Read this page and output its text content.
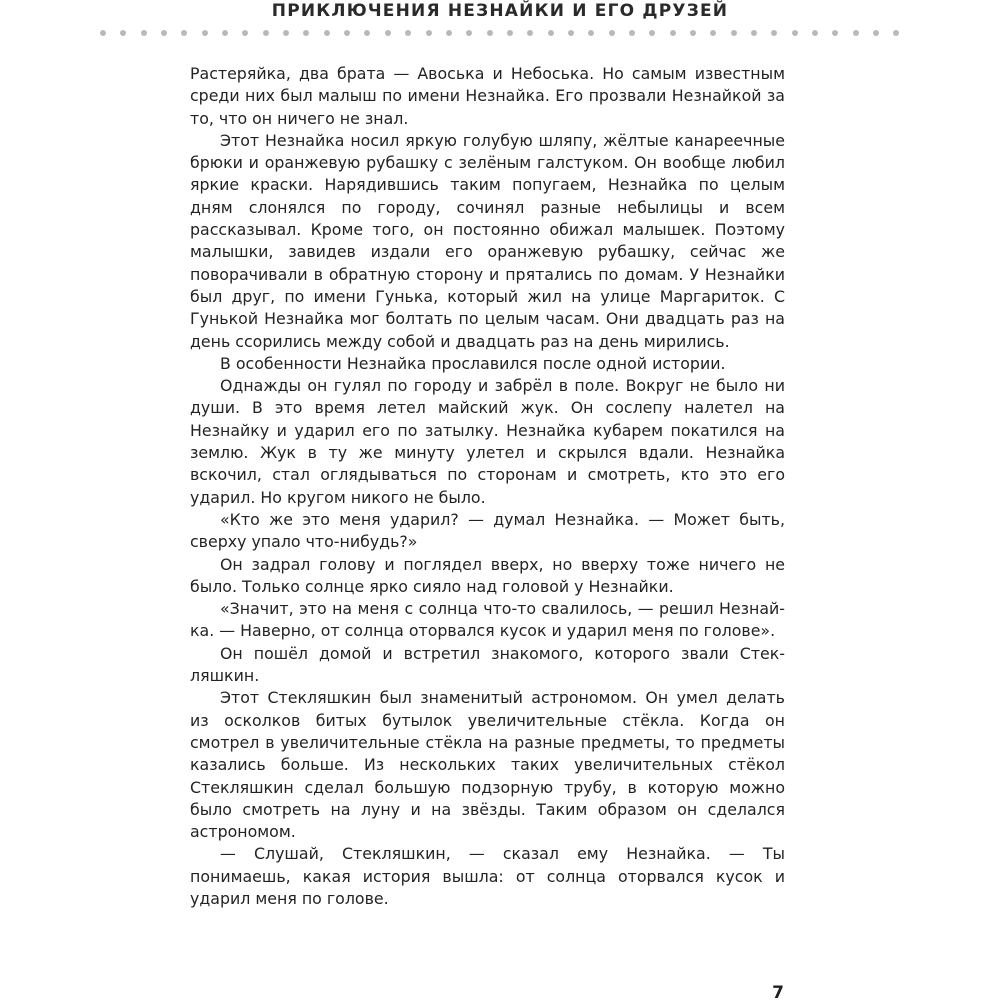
ПРИКЛЮЧЕНИЯ НЕЗНАЙКИ И ЕГО ДРУЗЕЙ

Растеряйка, два брата — Авоська и Небоська. Но самым известным среди них был малыш по имени Незнайка. Его прозвали Незнайкой за то, что он ничего не знал.

Этот Незнайка носил яркую голубую шляпу, жёлтые канареечные брюки и оранжевую рубашку с зелёным галстуком. Он вообще любил яркие краски. Нарядившись таким попугаем, Незнайка по целым дням слонялся по городу, сочинял разные небылицы и всем рассказывал. Кроме того, он постоянно обижал малышек. Поэтому малышки, завидев издали его оранжевую рубашку, сейчас же поворачивали в обратную сторону и прятались по домам. У Незнайки был друг, по имени Гунька, который жил на улице Маргариток. С Гунькой Незнайка мог болтать по целым часам. Они двадцать раз на день ссорились между собой и двадцать раз на день мирились.

В особенности Незнайка прославился после одной истории.

Однажды он гулял по городу и забрёл в поле. Вокруг не было ни души. В это время летел майский жук. Он сослепу налетел на Незнайку и ударил его по затылку. Незнайка кубарем покатился на землю. Жук в ту же минуту улетел и скрылся вдали. Незнайка вскочил, стал оглядываться по сторонам и смотреть, кто это его ударил. Но кругом никого не было.

«Кто же это меня ударил? — думал Незнайка. — Может быть, сверху упало что-нибудь?»

Он задрал голову и поглядел вверх, но вверху тоже ничего не было. Только солнце ярко сияло над головой у Незнайки.

«Значит, это на меня с солнца что-то свалилось, — решил Незнайка. — Наверно, от солнца оторвался кусок и ударил меня по голове».

Он пошёл домой и встретил знакомого, которого звали Стекляшкин.

Этот Стекляшкин был знаменитый астрономом. Он умел делать из осколков битых бутылок увеличительные стёкла. Когда он смотрел в увеличительные стёкла на разные предметы, то предметы казались больше. Из нескольких таких увеличительных стёкол Стекляшкин сделал большую подзорную трубу, в которую можно было смотреть на луну и на звёзды. Таким образом он сделался астрономом.

— Слушай, Стекляшкин, — сказал ему Незнайка. — Ты понимаешь, какая история вышла: от солнца оторвался кусок и ударил меня по голове.

7
